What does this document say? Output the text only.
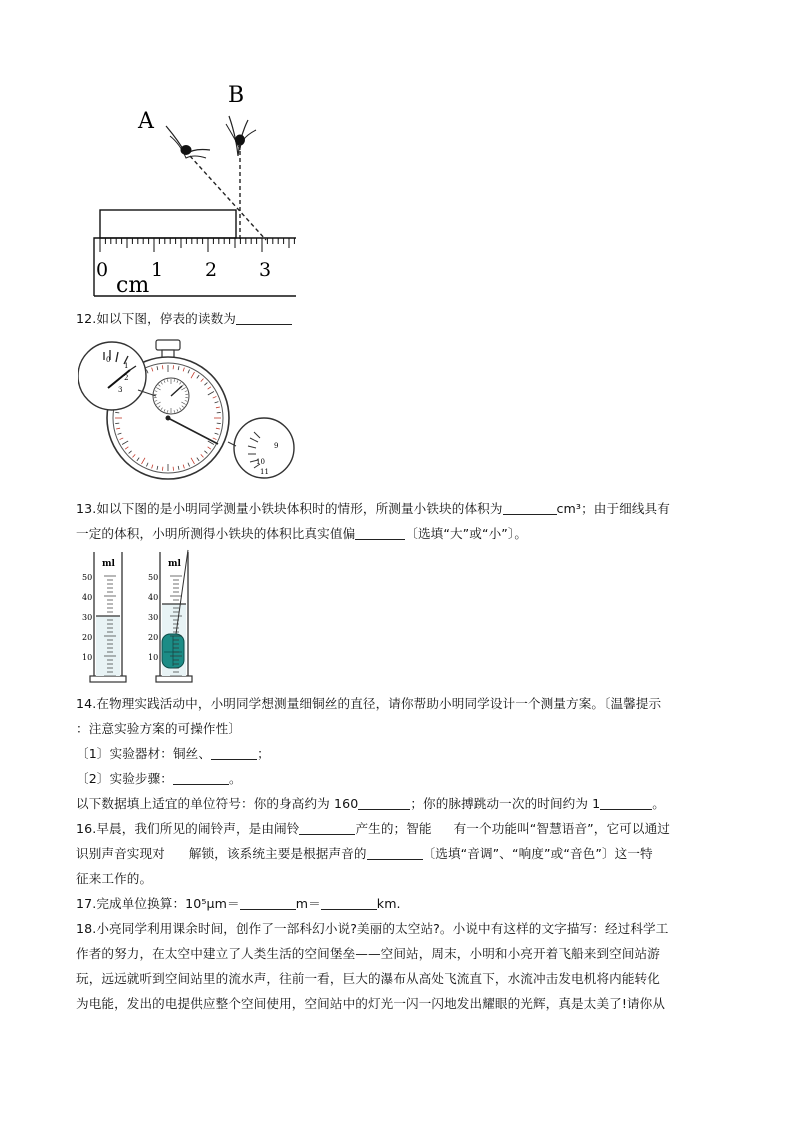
B
A
0 1 2 3
cm
12.如以下图，停表的读数为
0
1
2
3
9
10
11
13.如以下图的是小明同学测量小铁块体积时的情形，所测量小铁块的体积为	cm³；由于细线具有
一定的体积，小明所测得小铁块的体积比真实值偏	〔选填“大”或“小”〕。
ml
50
40
30
20
10
ml
50
40
30
20
10
14.在物理实践活动中，小明同学想测量细铜丝的直径，请你帮助小明同学设计一个测量方案。〔温馨提示
：注意实验方案的可操作性〕
〔1〕实验器材：铜丝、	；
〔2〕实验步骤：	。
以下数据填上适宜的单位符号：你的身高约为 160	；你的脉搏跳动一次的时间约为 1	。
16.早晨，我们所见的闹铃声，是由闹铃	产生的；智能 有一个功能叫“智慧语音”，它可以通过
识别声音实现对 解锁，该系统主要是根据声音的	〔选填“音调”、“响度”或“音色”〕这一特
征来工作的。
17.完成单位换算：10⁵μm＝	m＝	km.
18.小亮同学利用课余时间，创作了一部科幻小说?美丽的太空站?。小说中有这样的文字描写：经过科学工
作者的努力，在太空中建立了人类生活的空间堡垒——空间站，周末，小明和小亮开着飞船来到空间站游
玩，远远就听到空间站里的流水声，往前一看，巨大的瀑布从高处飞流直下，水流冲击发电机将内能转化
为电能，发出的电提供应整个空间使用，空间站中的灯光一闪一闪地发出耀眼的光辉，真是太美了!请你从
